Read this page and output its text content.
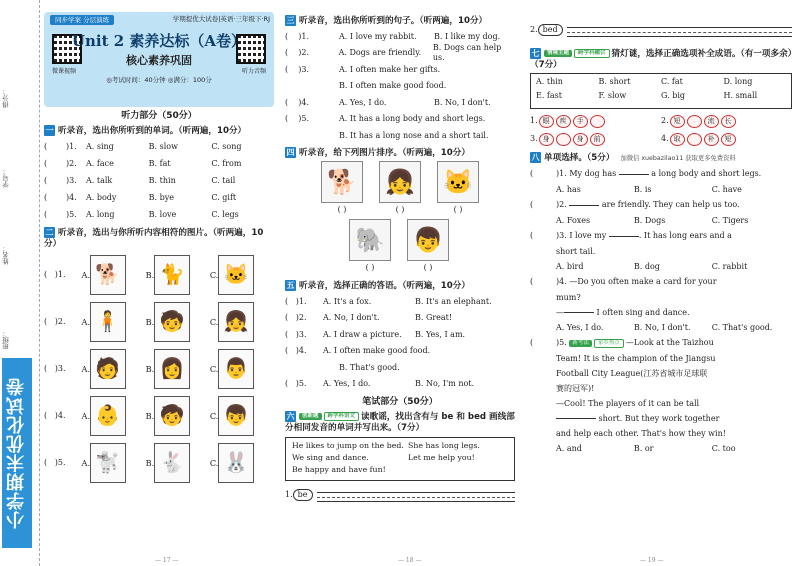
得分：
学号：
姓名：
班级：
小学期末优化试卷
同步学案 分层演练	学期提优大试卷|英语·三年级下·RJ
微课视频	听力音频
Unit 2 素养达标（A卷）
核心素养巩固
◎考试时间：40分钟 ◎满分：100分
听力部分（50分）
一 听录音，选出你所听到的单词。（听两遍，10分）
(	)1.	A. sing	B. slow	C. song
(	)2.	A. face	B. fat	C. from
(	)3.	A. talk	B. thin	C. tail
(	)4.	A. body	B. bye	C. gift
(	)5.	A. long	B. love	C. legs
二 听录音，选出与你所听内容相符的图片。（听两遍，10分）
(   )1.	A. 🐕	B. 🐈	C. 🐱
(   )2.	A. 🧍	B. 🧒	C. 👧
(   )3.	A. 🧑	B. 👩	C. 👨
(   )4.	A. 👶	B. 🧒	C. 👦
(   )5.	A. 🐩	B. 🐇	C. 🐰
— 17 —
三 听录音，选出你所听到的句子。（听两遍，10分）
(    )1.	A. I love my rabbit.	B. I like my dog.
(    )2.	A. Dogs are friendly.
B. Dogs can help us.
(    )3.	A. I often make her gifts.
B. I often make good food.
(    )4.	A. Yes, I do.	B. No, I don't.
(    )5.	A. It has a long body and short legs.
B. It has a long nose and a short tail.
四 听录音，给下列图片排序。（听两遍，10分）
🐕
( )
👧
( )
🐱
( )
🐘
( )
👦
( )
五 听录音，选择正确的答语。（听两遍，10分）
(   )1.	A. It's a fox.	B. It's an elephant.
(   )2.	A. No, I don't.	B. Great!
(   )3.	A. I draw a picture.	B. Yes, I am.
(   )4.	A. I often make good food.
B. That's good.
(   )5.	A. Yes, I do.	B. No, I'm not.
笔试部分（50分）
六 创新题 跨学科语文 读歌谣，找出含有与 be 和 bed 画线部分相同发音的单词并写出来。（7分）
He likes to jump on the bed. She has long legs.
We sing and dance.	Let me help you!
Be happy and have fun!
1. be
— 18 —
2. bed
七 情境主题 跨学科融合 猜灯谜，选择正确选项补全成语。（有一项多余）（7分）
A. thin	B. short	C. fat	D. long
E. fast	F. slow	G. big	H. small
1. 眼	疾	手	2. 短	流	长
3. 身	身	前	4. 取	补	短
八 单项选择。（5分） 加微信 xuebazilao11 获取更多免费资料
(	)1.
My dog has

	a long body and short legs.
A. has	B. is	C. have
(	)2.

	are friendly. They can help us too.
A. Foxes	B. Dogs	C. Tigers
(	)3.
I love my
	. It has long ears and a
short tail.
A. bird	B. dog	C. rabbit
(	)4.
—Do you often make a card for your
mum?
—
	I often sing and dance.
A. Yes, I do.	B. No, I don't.	C. That's good.
(	)5.
	新考法	家乡热点 —Look at the Taizhou
Team! It is the champion of the Jiangsu
Football City League(江苏省城市足球联
赛的冠军)!
—Cool! The players of it can be tall

short. But they work together
and help each other. That's how they win!
A. and	B. or	C. too
— 19 —
